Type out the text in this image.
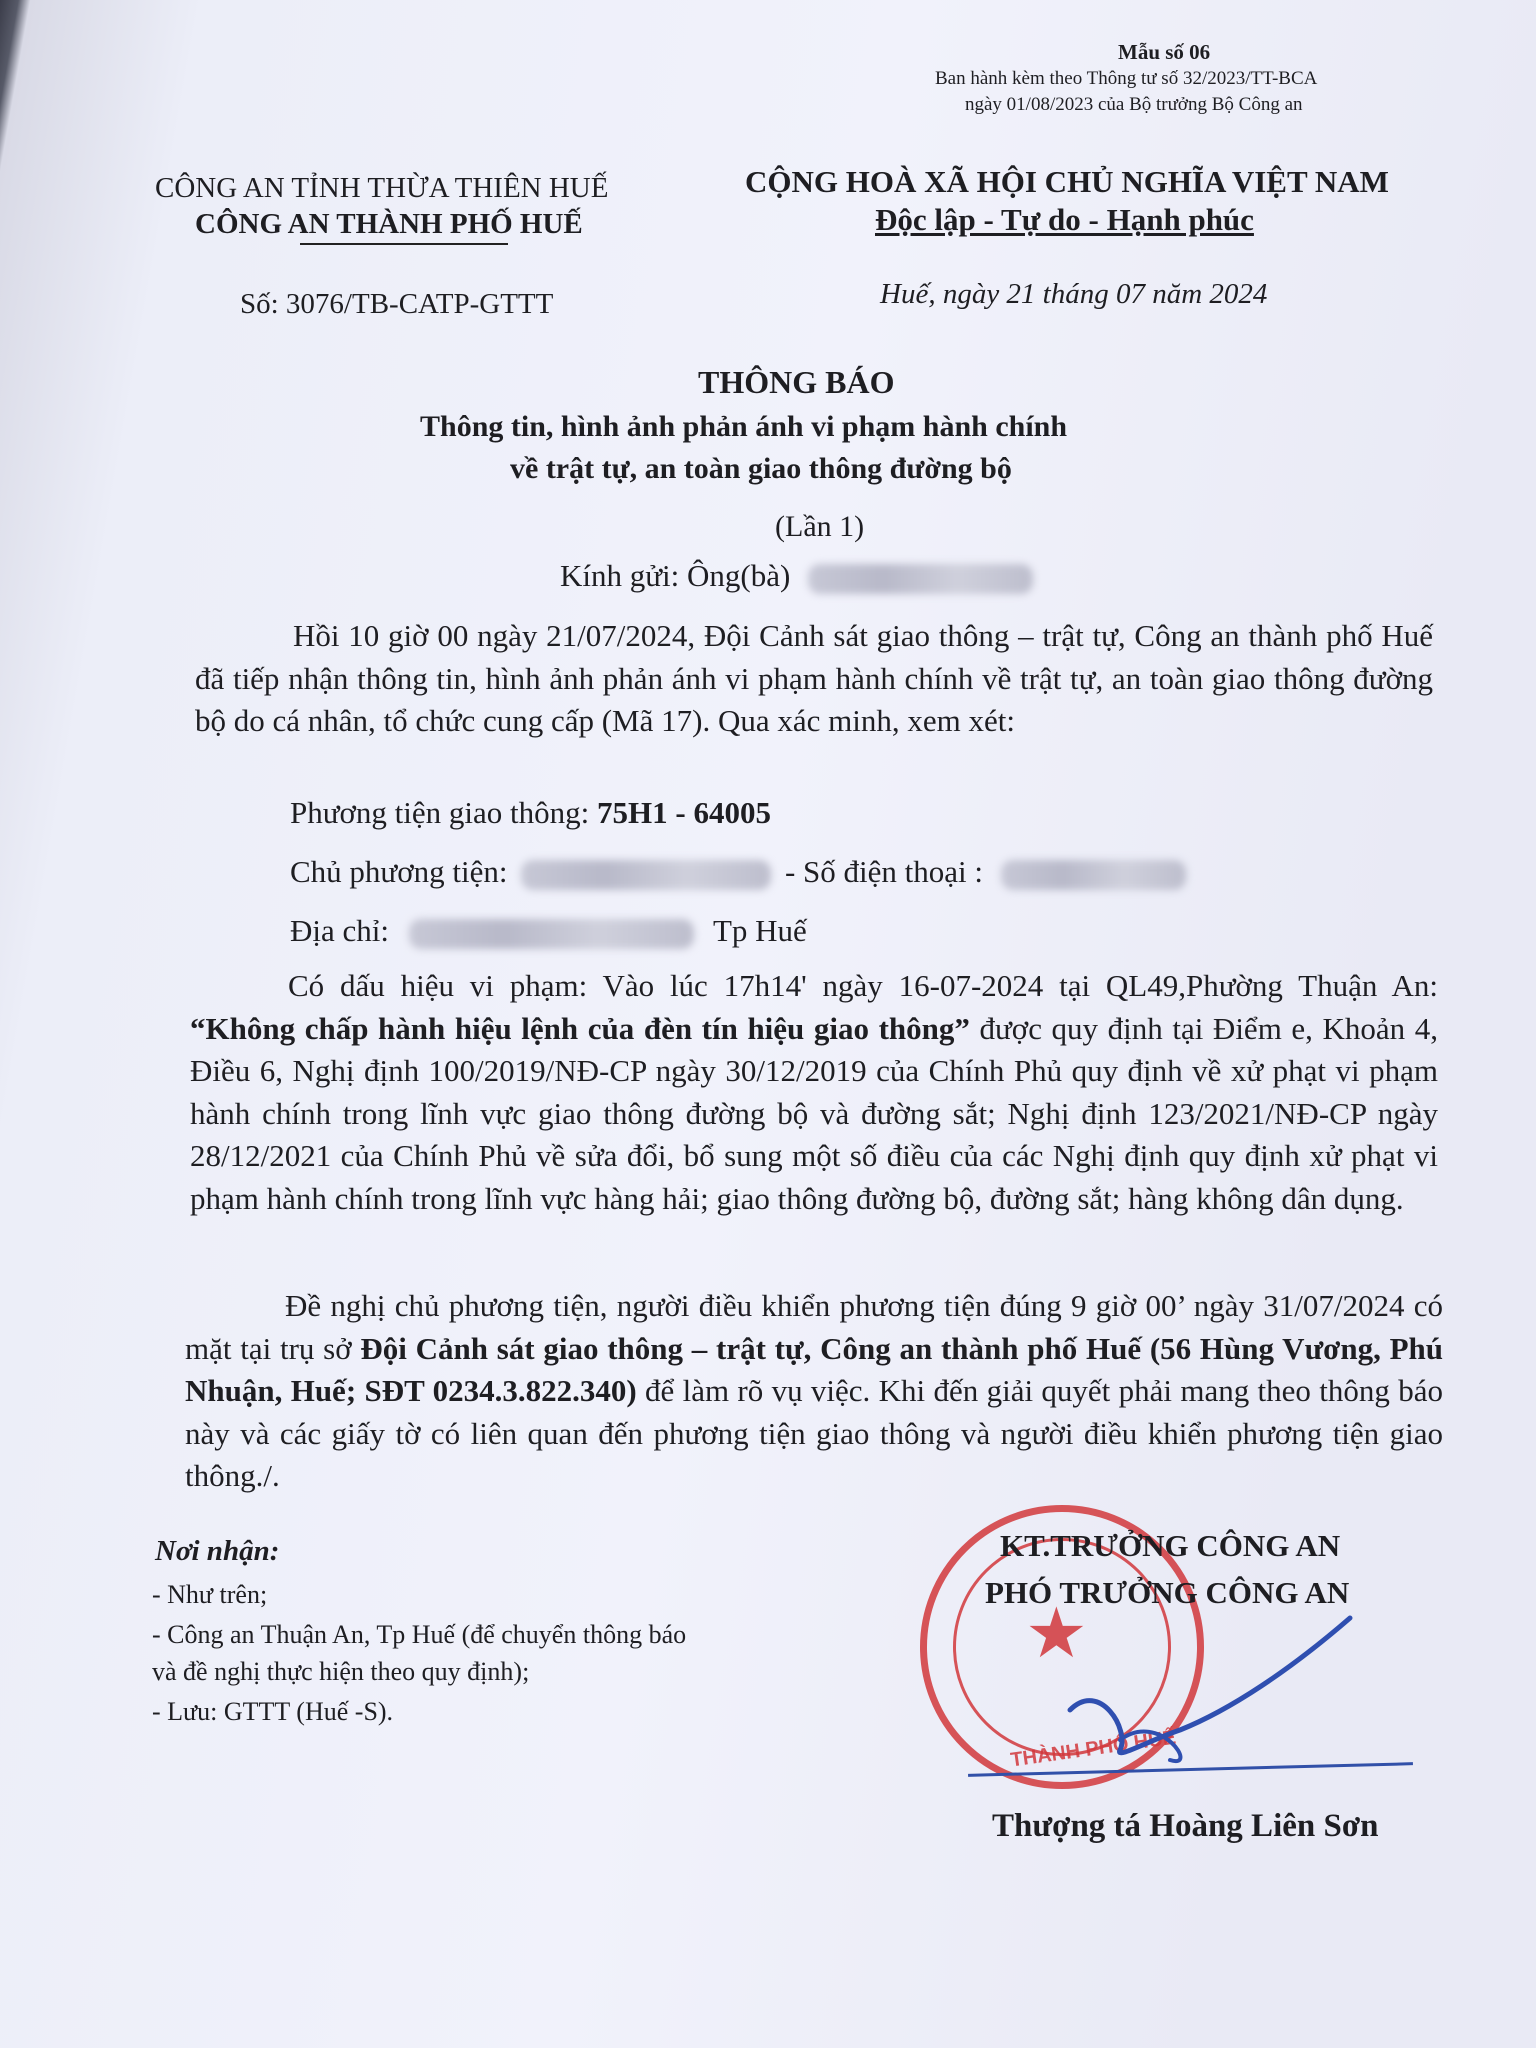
Mẫu số 06
Ban hành kèm theo Thông tư số 32/2023/TT-BCA
ngày 01/08/2023 của Bộ trưởng Bộ Công an
CÔNG AN TỈNH THỪA THIÊN HUẾ
CÔNG AN THÀNH PHỐ HUẾ
Số: 3076/TB-CATP-GTTT
CỘNG HOÀ XÃ HỘI CHỦ NGHĨA VIỆT NAM
Độc lập - Tự do - Hạnh phúc
Huế, ngày 21 tháng 07 năm 2024
THÔNG BÁO
Thông tin, hình ảnh phản ánh vi phạm hành chính
về trật tự, an toàn giao thông đường bộ
(Lần 1)
Kính gửi: Ông(bà)
Hồi 10 giờ 00 ngày 21/07/2024, Đội Cảnh sát giao thông – trật tự, Công an thành phố Huế đã tiếp nhận thông tin, hình ảnh phản ánh vi phạm hành chính về trật tự, an toàn giao thông đường bộ do cá nhân, tổ chức cung cấp (Mã 17). Qua xác minh, xem xét:
Phương tiện giao thông: 75H1 - 64005
Chủ phương tiện:	- Số điện thoại :
Địa chỉ:	Tp Huế
Có dấu hiệu vi phạm: Vào lúc 17h14' ngày 16-07-2024 tại QL49,Phường Thuận An: “Không chấp hành hiệu lệnh của đèn tín hiệu giao thông” được quy định tại Điểm e, Khoản 4, Điều 6, Nghị định 100/2019/NĐ-CP ngày 30/12/2019 của Chính Phủ quy định về xử phạt vi phạm hành chính trong lĩnh vực giao thông đường bộ và đường sắt; Nghị định 123/2021/NĐ-CP ngày 28/12/2021 của Chính Phủ về sửa đổi, bổ sung một số điều của các Nghị định quy định xử phạt vi phạm hành chính trong lĩnh vực hàng hải; giao thông đường bộ, đường sắt; hàng không dân dụng.
Đề nghị chủ phương tiện, người điều khiển phương tiện đúng 9 giờ 00’ ngày 31/07/2024 có mặt tại trụ sở Đội Cảnh sát giao thông – trật tự, Công an thành phố Huế (56 Hùng Vương, Phú Nhuận, Huế; SĐT 0234.3.822.340) để làm rõ vụ việc. Khi đến giải quyết phải mang theo thông báo này và các giấy tờ có liên quan đến phương tiện giao thông và người điều khiển phương tiện giao thông./.
Nơi nhận:
- Như trên;
- Công an Thuận An, Tp Huế (để chuyển thông báo
và đề nghị thực hiện theo quy định);
- Lưu: GTTT (Huế -S).
★
THÀNH PHỐ HUẾ
KT.TRƯỞNG CÔNG AN
PHÓ TRƯỞNG CÔNG AN
Thượng tá Hoàng Liên Sơn
